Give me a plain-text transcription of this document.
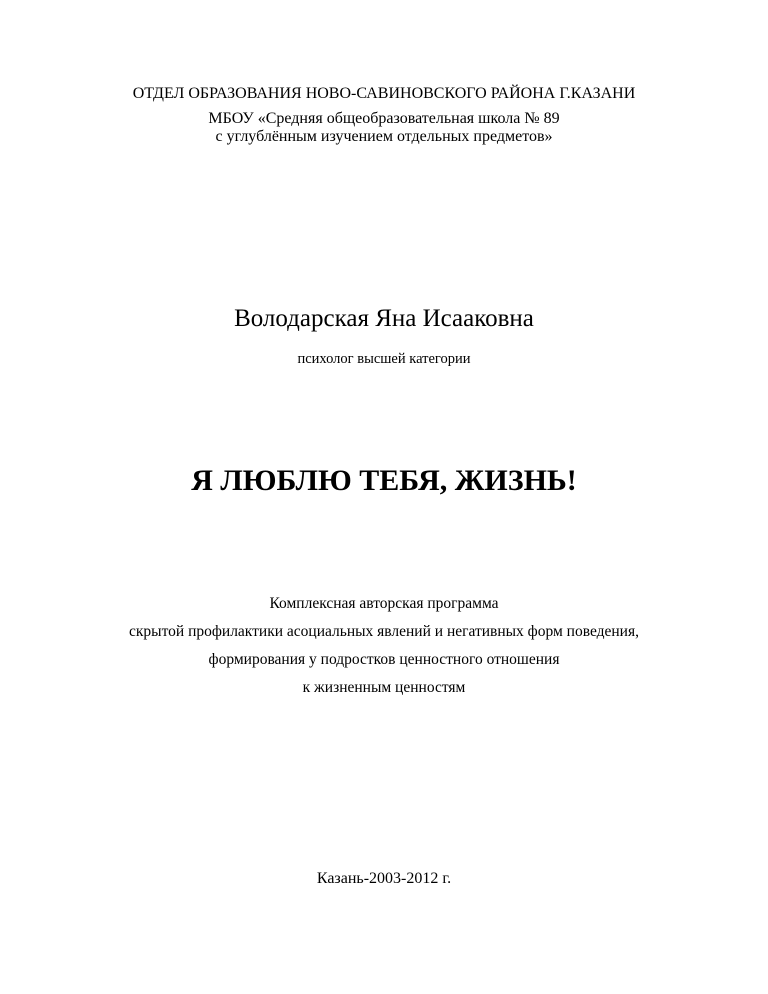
ОТДЕЛ ОБРАЗОВАНИЯ НОВО-САВИНОВСКОГО РАЙОНА Г.КАЗАНИ
МБОУ «Средняя общеобразовательная школа № 89
с углублённым изучением отдельных предметов»
Володарская Яна Исааковна
психолог высшей категории
Я ЛЮБЛЮ ТЕБЯ, ЖИЗНЬ!
Комплексная авторская программа
скрытой профилактики асоциальных явлений и негативных форм поведения,
формирования у подростков ценностного отношения
к жизненным ценностям
Казань-2003-2012 г.
